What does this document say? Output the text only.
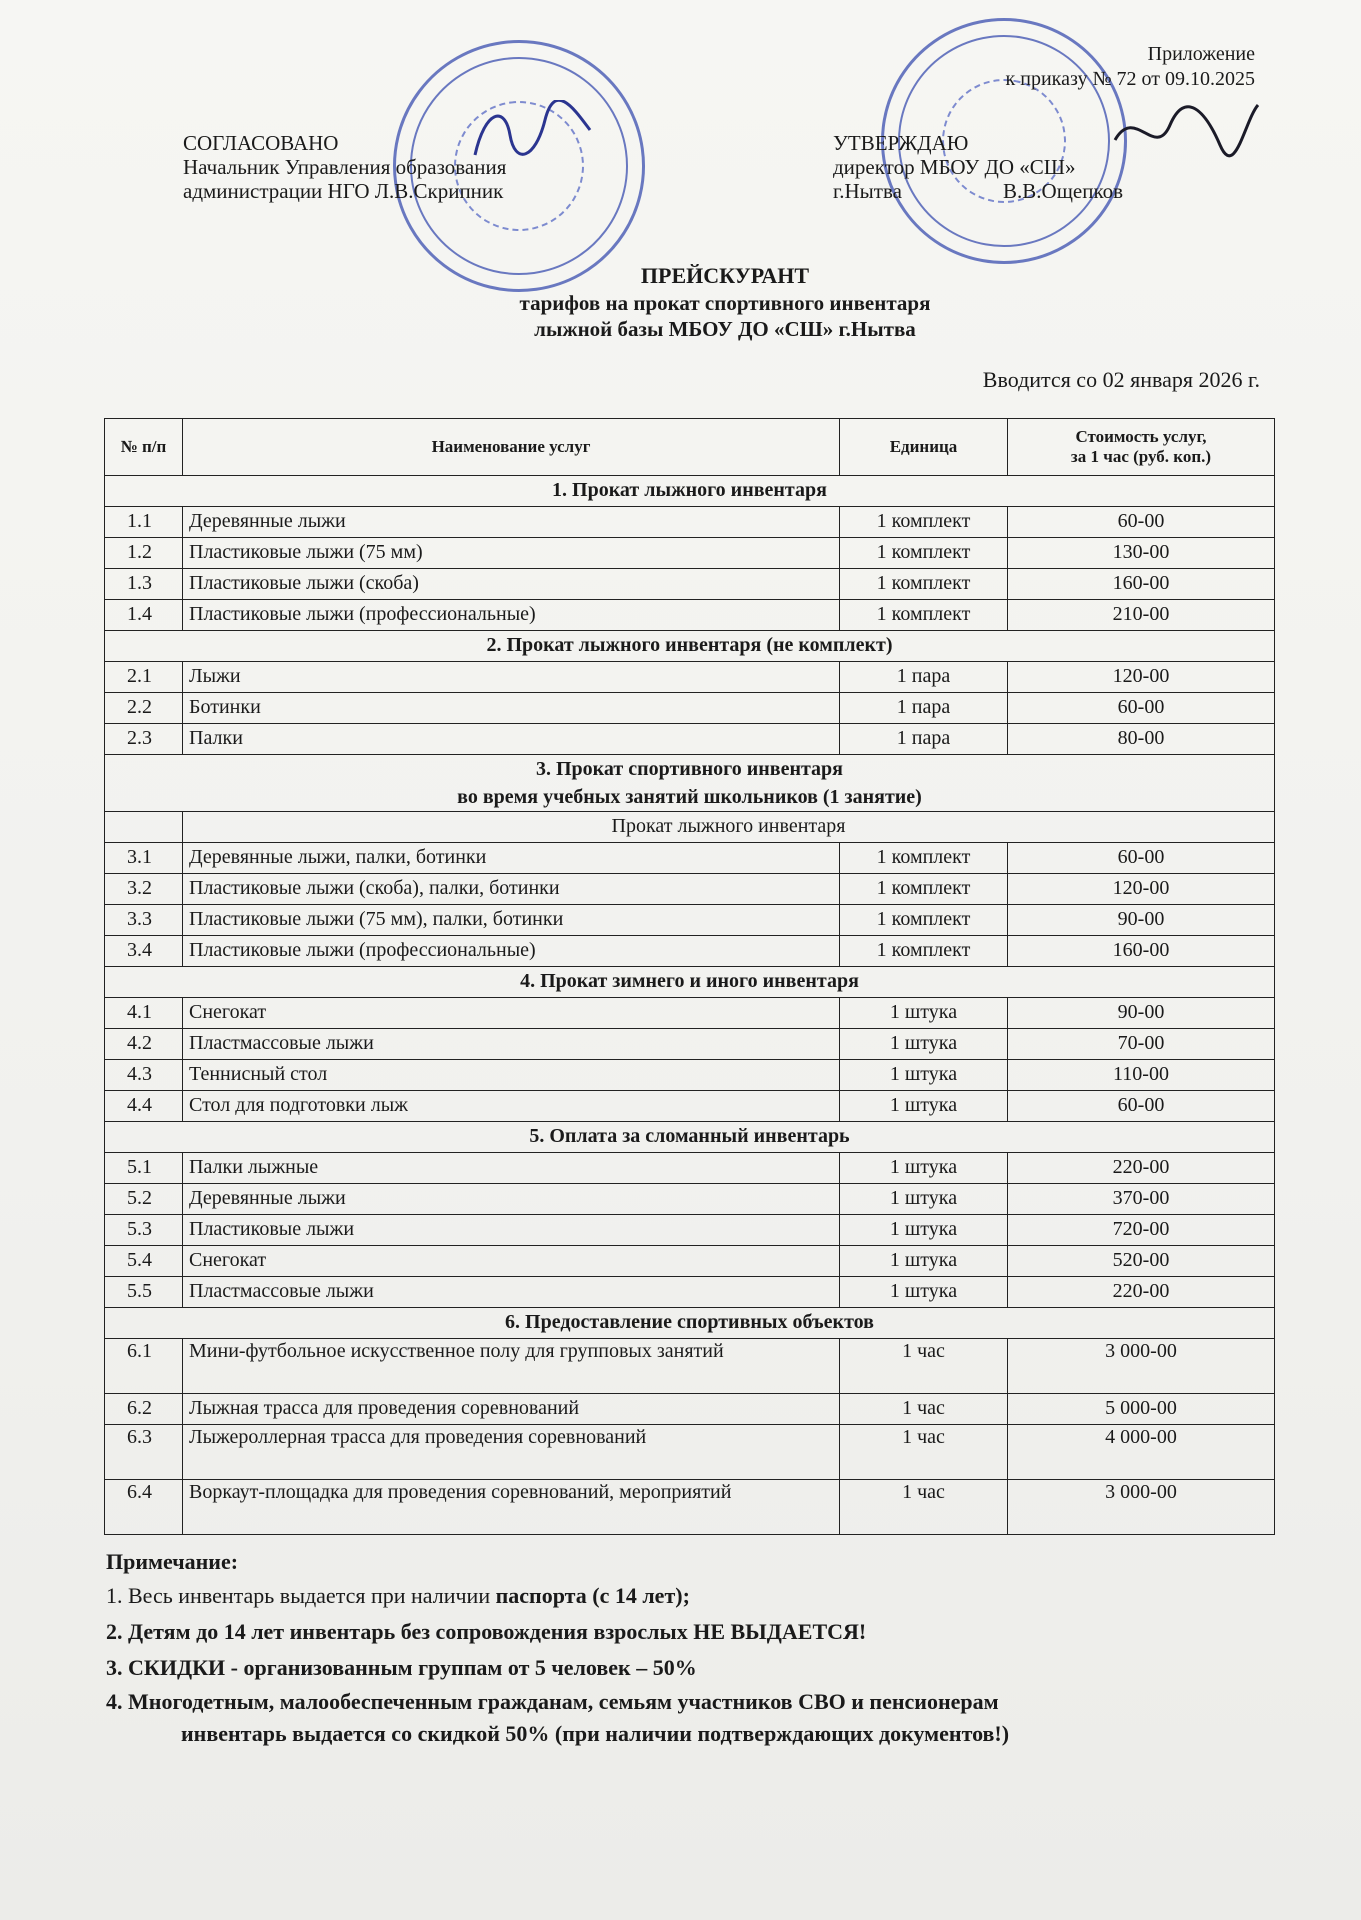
Приложение
к приказу № 72 от 09.10.2025
СОГЛАСОВАНО
Начальник Управления образования
администрации НГО Л.В.Скрипник
УТВЕРЖДАЮ
директор МБОУ ДО «СШ»
г.Нытва	В.В.Ощепков
ПРЕЙСКУРАНТ
тарифов на прокат спортивного инвентаря
лыжной базы МБОУ ДО «СШ» г.Нытва
Вводится со 02 января 2026 г.
№ п/п	Наименование услуг	Единица	Стоимость услуг,
за 1 час (руб. коп.)

1. Прокат лыжного инвентаря			
1.1	Деревянные лыжи	1 комплект	60-00
1.2	Пластиковые лыжи (75 мм)	1 комплект	130-00
1.3	Пластиковые лыжи (скоба)	1 комплект	160-00
1.4	Пластиковые лыжи (профессиональные)	1 комплект	210-00
2. Прокат лыжного инвентаря (не комплект)			
2.1	Лыжи	1 пара	120-00
2.2	Ботинки	1 пара	60-00
2.3	Палки	1 пара	80-00

3. Прокат спортивного инвентаря
во время учебных занятий школьников (1 занятие)			

	Прокат лыжного инвентаря		
3.1	Деревянные лыжи, палки, ботинки	1 комплект	60-00
3.2	Пластиковые лыжи (скоба), палки, ботинки	1 комплект	120-00
3.3	Пластиковые лыжи (75 мм), палки, ботинки	1 комплект	90-00
3.4	Пластиковые лыжи (профессиональные)	1 комплект	160-00
4. Прокат зимнего и иного инвентаря			
4.1	Снегокат	1 штука	90-00
4.2	Пластмассовые лыжи	1 штука	70-00
4.3	Теннисный стол	1 штука	110-00
4.4	Стол для подготовки лыж	1 штука	60-00
5. Оплата за сломанный инвентарь			
5.1	Палки лыжные	1 штука	220-00
5.2	Деревянные лыжи	1 штука	370-00
5.3	Пластиковые лыжи	1 штука	720-00
5.4	Снегокат	1 штука	520-00
5.5	Пластмассовые лыжи	1 штука	220-00
6. Предоставление спортивных объектов			
6.1	Мини-футбольное искусственное полу для групповых занятий	1 час	3 000-00
6.2	Лыжная трасса для проведения соревнований	1 час	5 000-00
6.3	Лыжероллерная трасса для проведения соревнований	1 час	4 000-00
6.4	Воркаут-площадка для проведения соревнований, мероприятий	1 час	3 000-00
Примечание:
1. Весь инвентарь выдается при наличии паспорта (с 14 лет);
2. Детям до 14 лет инвентарь без сопровождения взрослых НЕ ВЫДАЕТСЯ!
3. СКИДКИ - организованным группам от 5 человек – 50%
4. Многодетным, малообеспеченным гражданам, семьям участников СВО и пенсионерам
инвентарь выдается со скидкой 50% (при наличии подтверждающих документов!)
